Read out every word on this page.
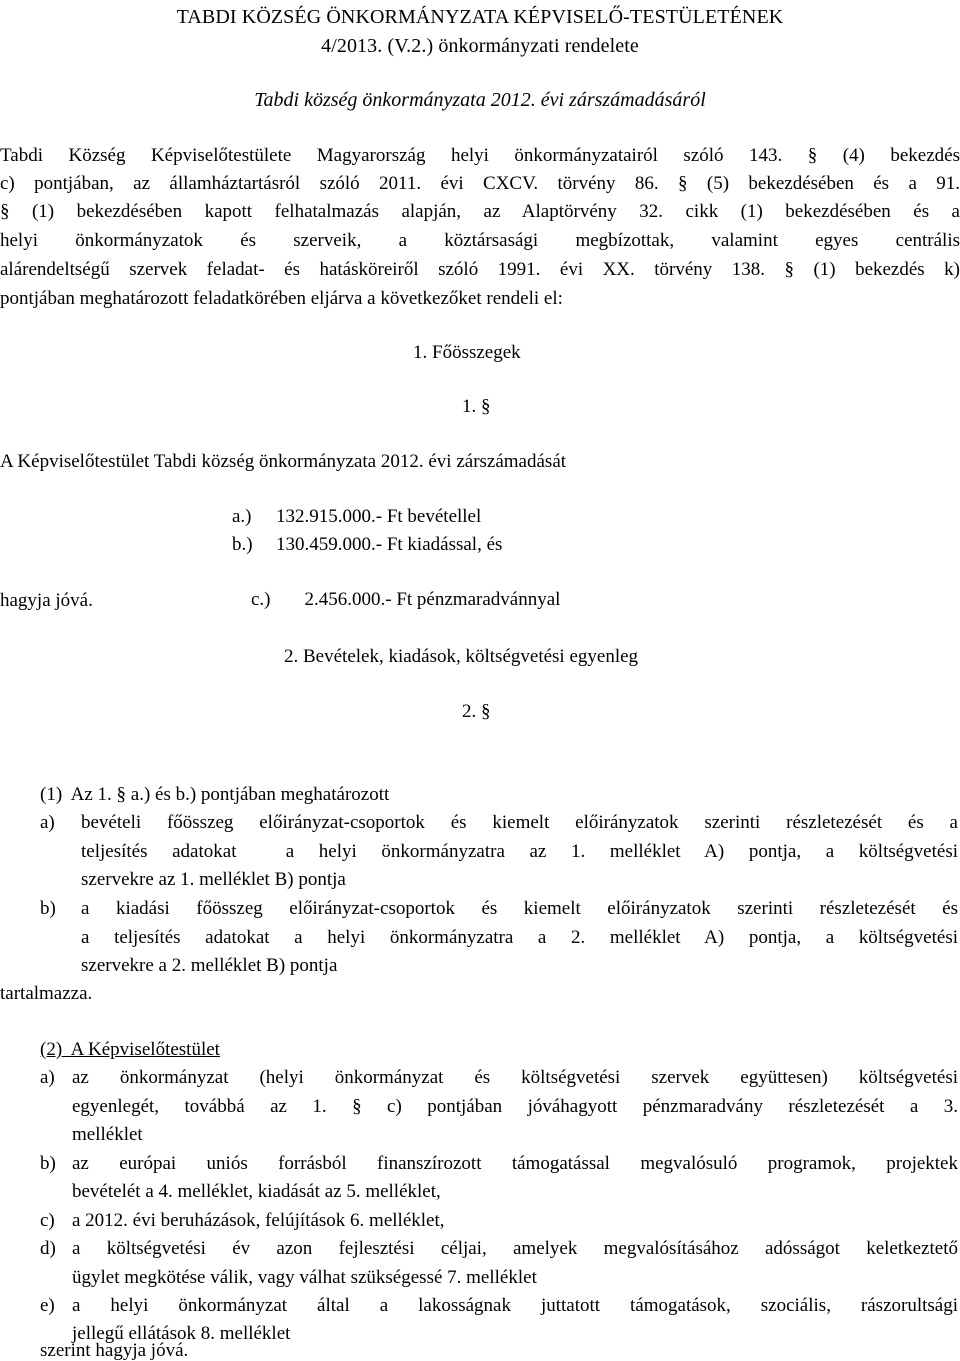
TABDI KÖZSÉG ÖNKORMÁNYZATA KÉPVISELŐ-TESTÜLETÉNEK
4/2013. (V.2.) önkormányzati rendelete
Tabdi község önkormányzata 2012. évi zárszámadásáról
Tabdi Község Képviselőtestülete Magyarország helyi önkormányzatairól szóló 143. § (4) bekezdés
c) pontjában, az államháztartásról szóló 2011. évi CXCV. törvény 86. § (5) bekezdésében és a 91.
§ (1) bekezdésében kapott felhatalmazás alapján, az Alaptörvény 32. cikk (1) bekezdésében és a
helyi önkormányzatok és szerveik, a köztársasági megbízottak, valamint egyes centrális
alárendeltségű szervek feladat- és hatásköreiről szóló 1991. évi XX. törvény 138. § (1) bekezdés k)
pontjában meghatározott feladatkörében eljárva a következőket rendeli el:
1. Főösszegek
1. §
A Képviselőtestület Tabdi község önkormányzata 2012. évi zárszámadását
a.) 132.915.000.- Ft bevétellel
b.) 130.459.000.- Ft kiadással, és

c.)  2.456.000.- Ft pénzmaradvánnyal

hagyja jóvá.
2. Bevételek, kiadások, költségvetési egyenleg
2. §
(1)  Az 1. § a.) és b.) pontjában meghatározott
a) bevételi főösszeg előirányzat-csoportok és kiemelt előirányzatok szerinti részletezését és a
teljesítés adatokat  a helyi önkormányzatra az 1. melléklet A) pontja, a költségvetési
szervekre az 1. melléklet B) pontja
b) a kiadási főösszeg előirányzat-csoportok és kiemelt előirányzatok szerinti részletezését és
a teljesítés adatokat a helyi önkormányzatra a 2. melléklet A) pontja, a költségvetési
szervekre a 2. melléklet B) pontja
tartalmazza.
(2)  A Képviselőtestület
a) az önkormányzat (helyi önkormányzat és költségvetési szervek együttesen) költségvetési
egyenlegét, továbbá az 1. § c) pontjában jóváhagyott pénzmaradvány részletezését a 3.
melléklet
b) az európai uniós forrásból finanszírozott támogatással megvalósuló programok, projektek
bevételét a 4. melléklet, kiadását az 5. melléklet,
c) a 2012. évi beruházások, felújítások 6. melléklet,
d) a költségvetési év azon fejlesztési céljai, amelyek megvalósításához adósságot keletkeztető
ügylet megkötése válik, vagy válhat szükségessé 7. melléklet
e) a helyi önkormányzat által a lakosságnak juttatott támogatások, szociális, rászorultsági
jellegű ellátások 8. melléklet
szerint hagyja jóvá.
